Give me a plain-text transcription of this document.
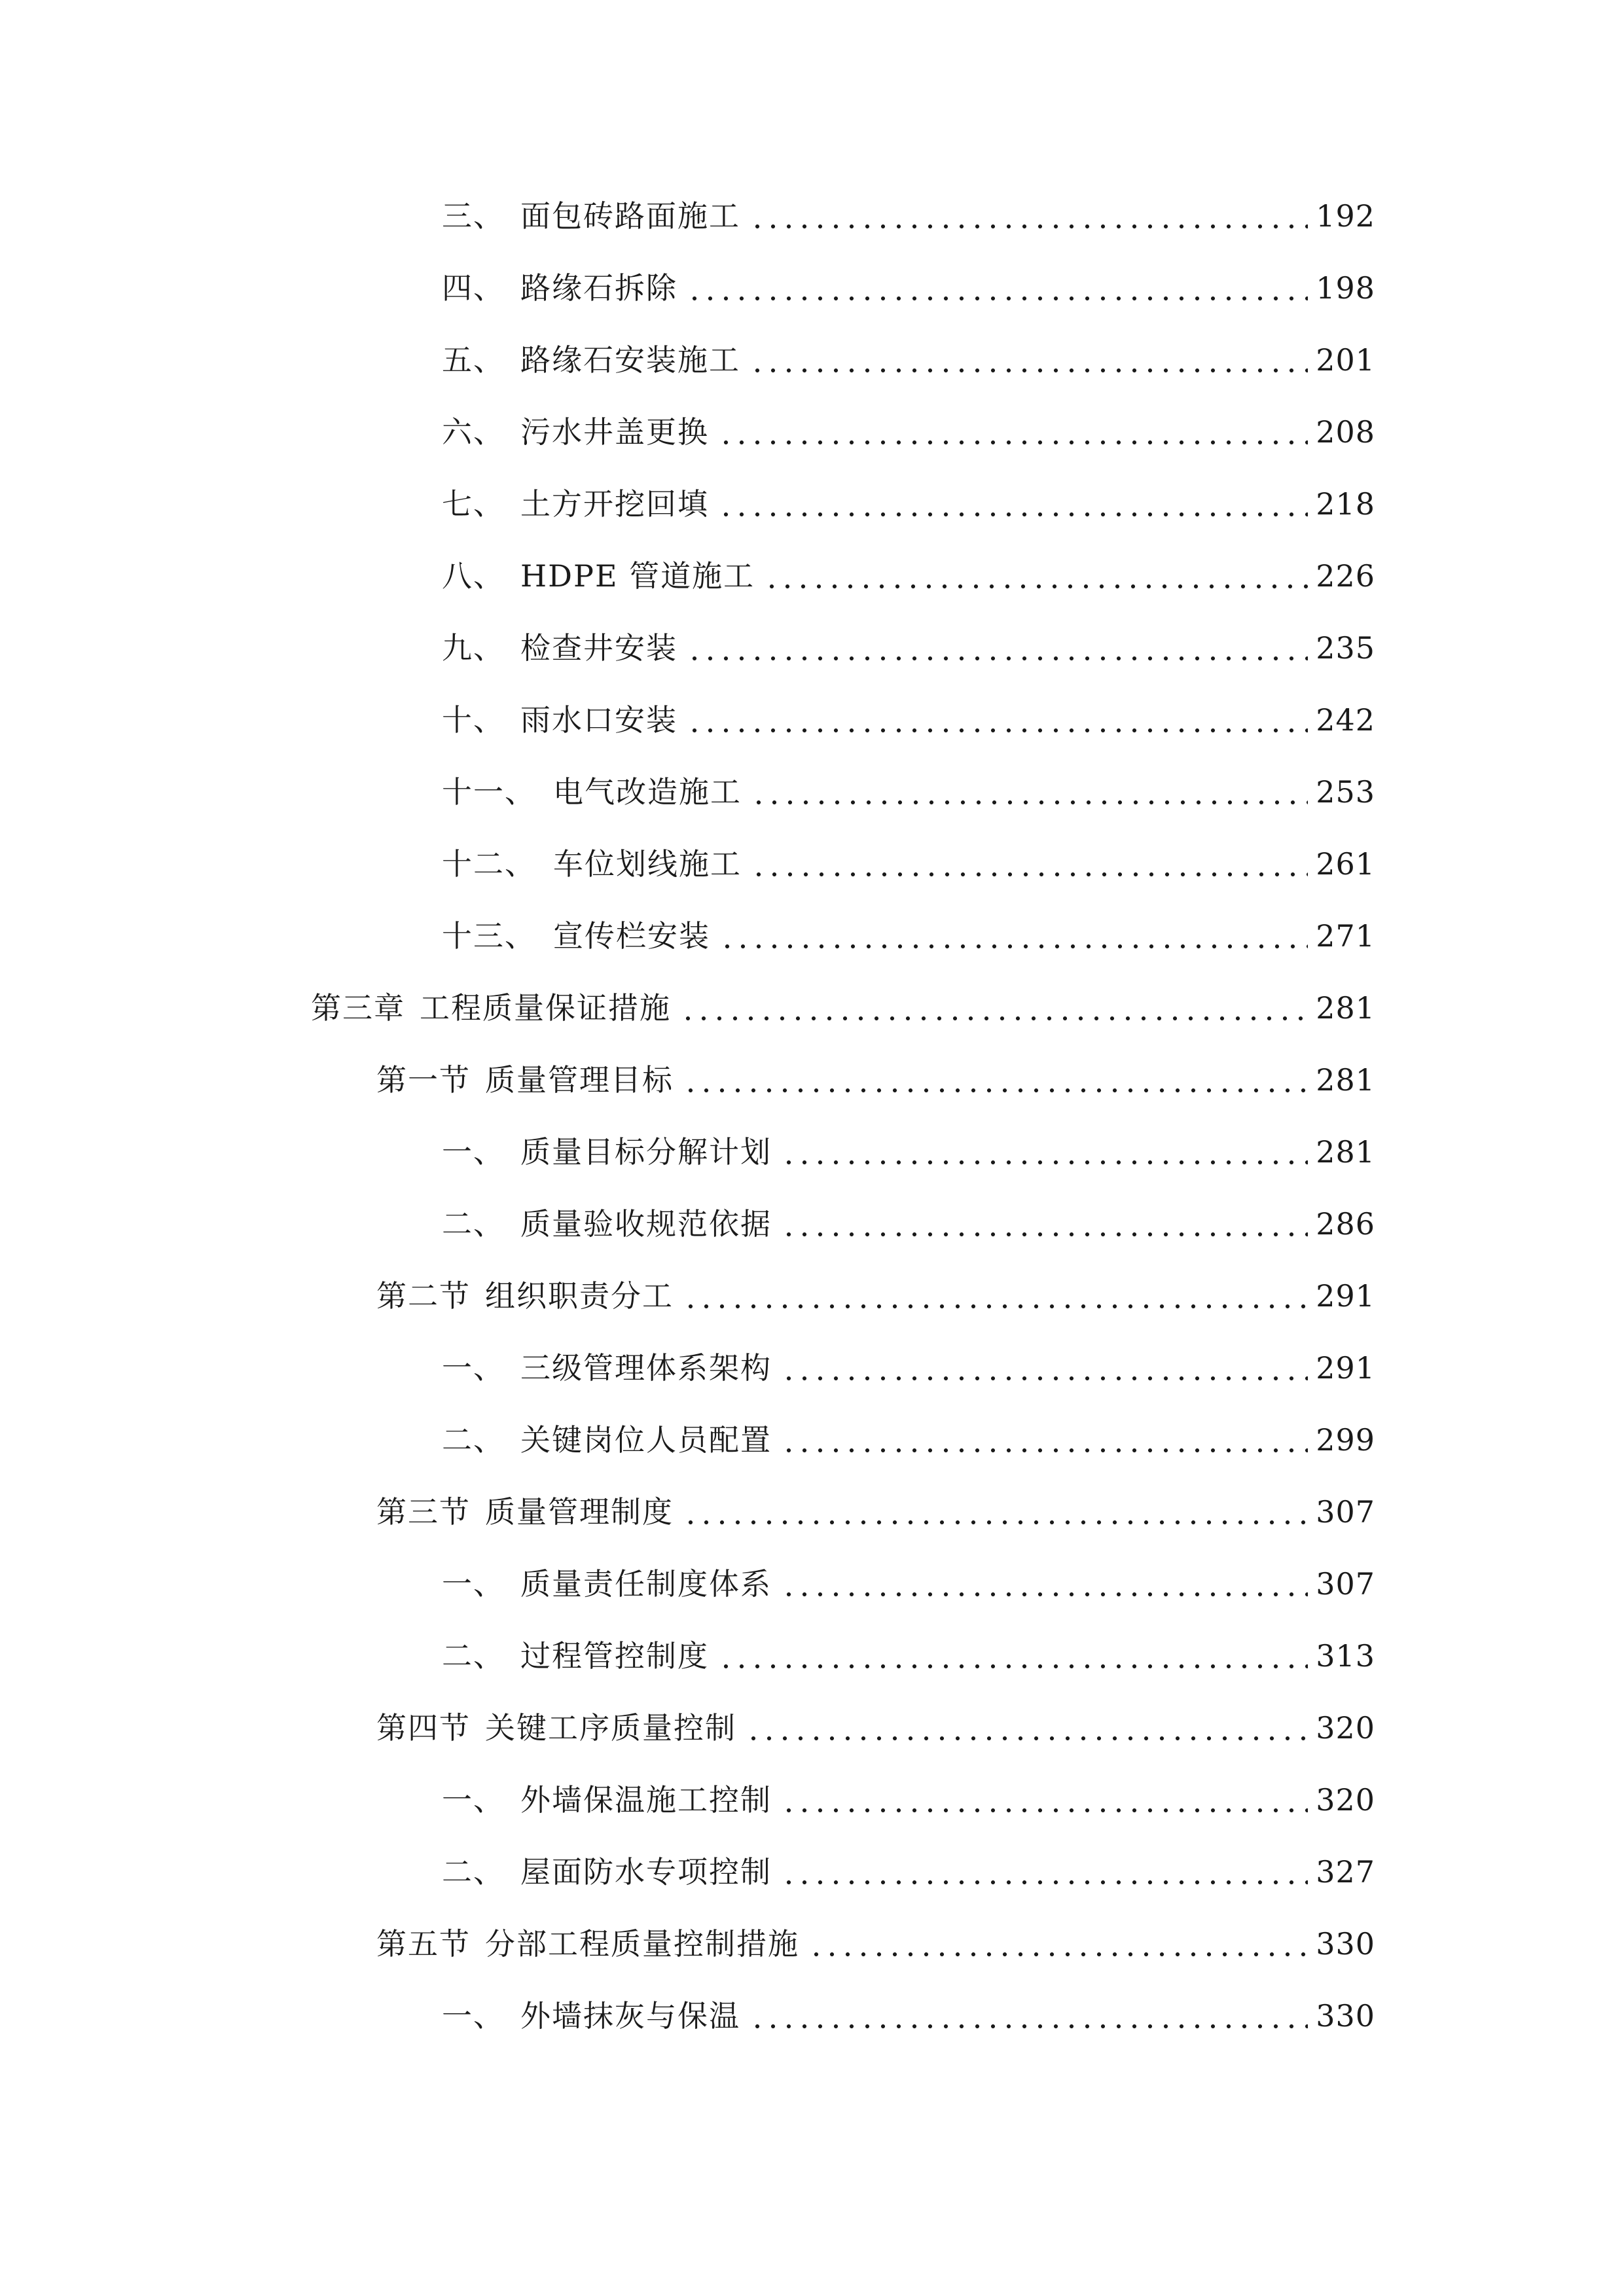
三、 面包砖路面施工	192
四、 路缘石拆除	198
五、 路缘石安装施工	201
六、 污水井盖更换	208
七、 土方开挖回填	218
八、 HDPE 管道施工	226
九、 检查井安装	235
十、 雨水口安装	242
十一、 电气改造施工	253
十二、 车位划线施工	261
十三、 宣传栏安装	271
第三章 工程质量保证措施	281
第一节 质量管理目标	281
一、 质量目标分解计划	281
二、 质量验收规范依据	286
第二节 组织职责分工	291
一、 三级管理体系架构	291
二、 关键岗位人员配置	299
第三节 质量管理制度	307
一、 质量责任制度体系	307
二、 过程管控制度	313
第四节 关键工序质量控制	320
一、 外墙保温施工控制	320
二、 屋面防水专项控制	327
第五节 分部工程质量控制措施	330
一、 外墙抹灰与保温	330
